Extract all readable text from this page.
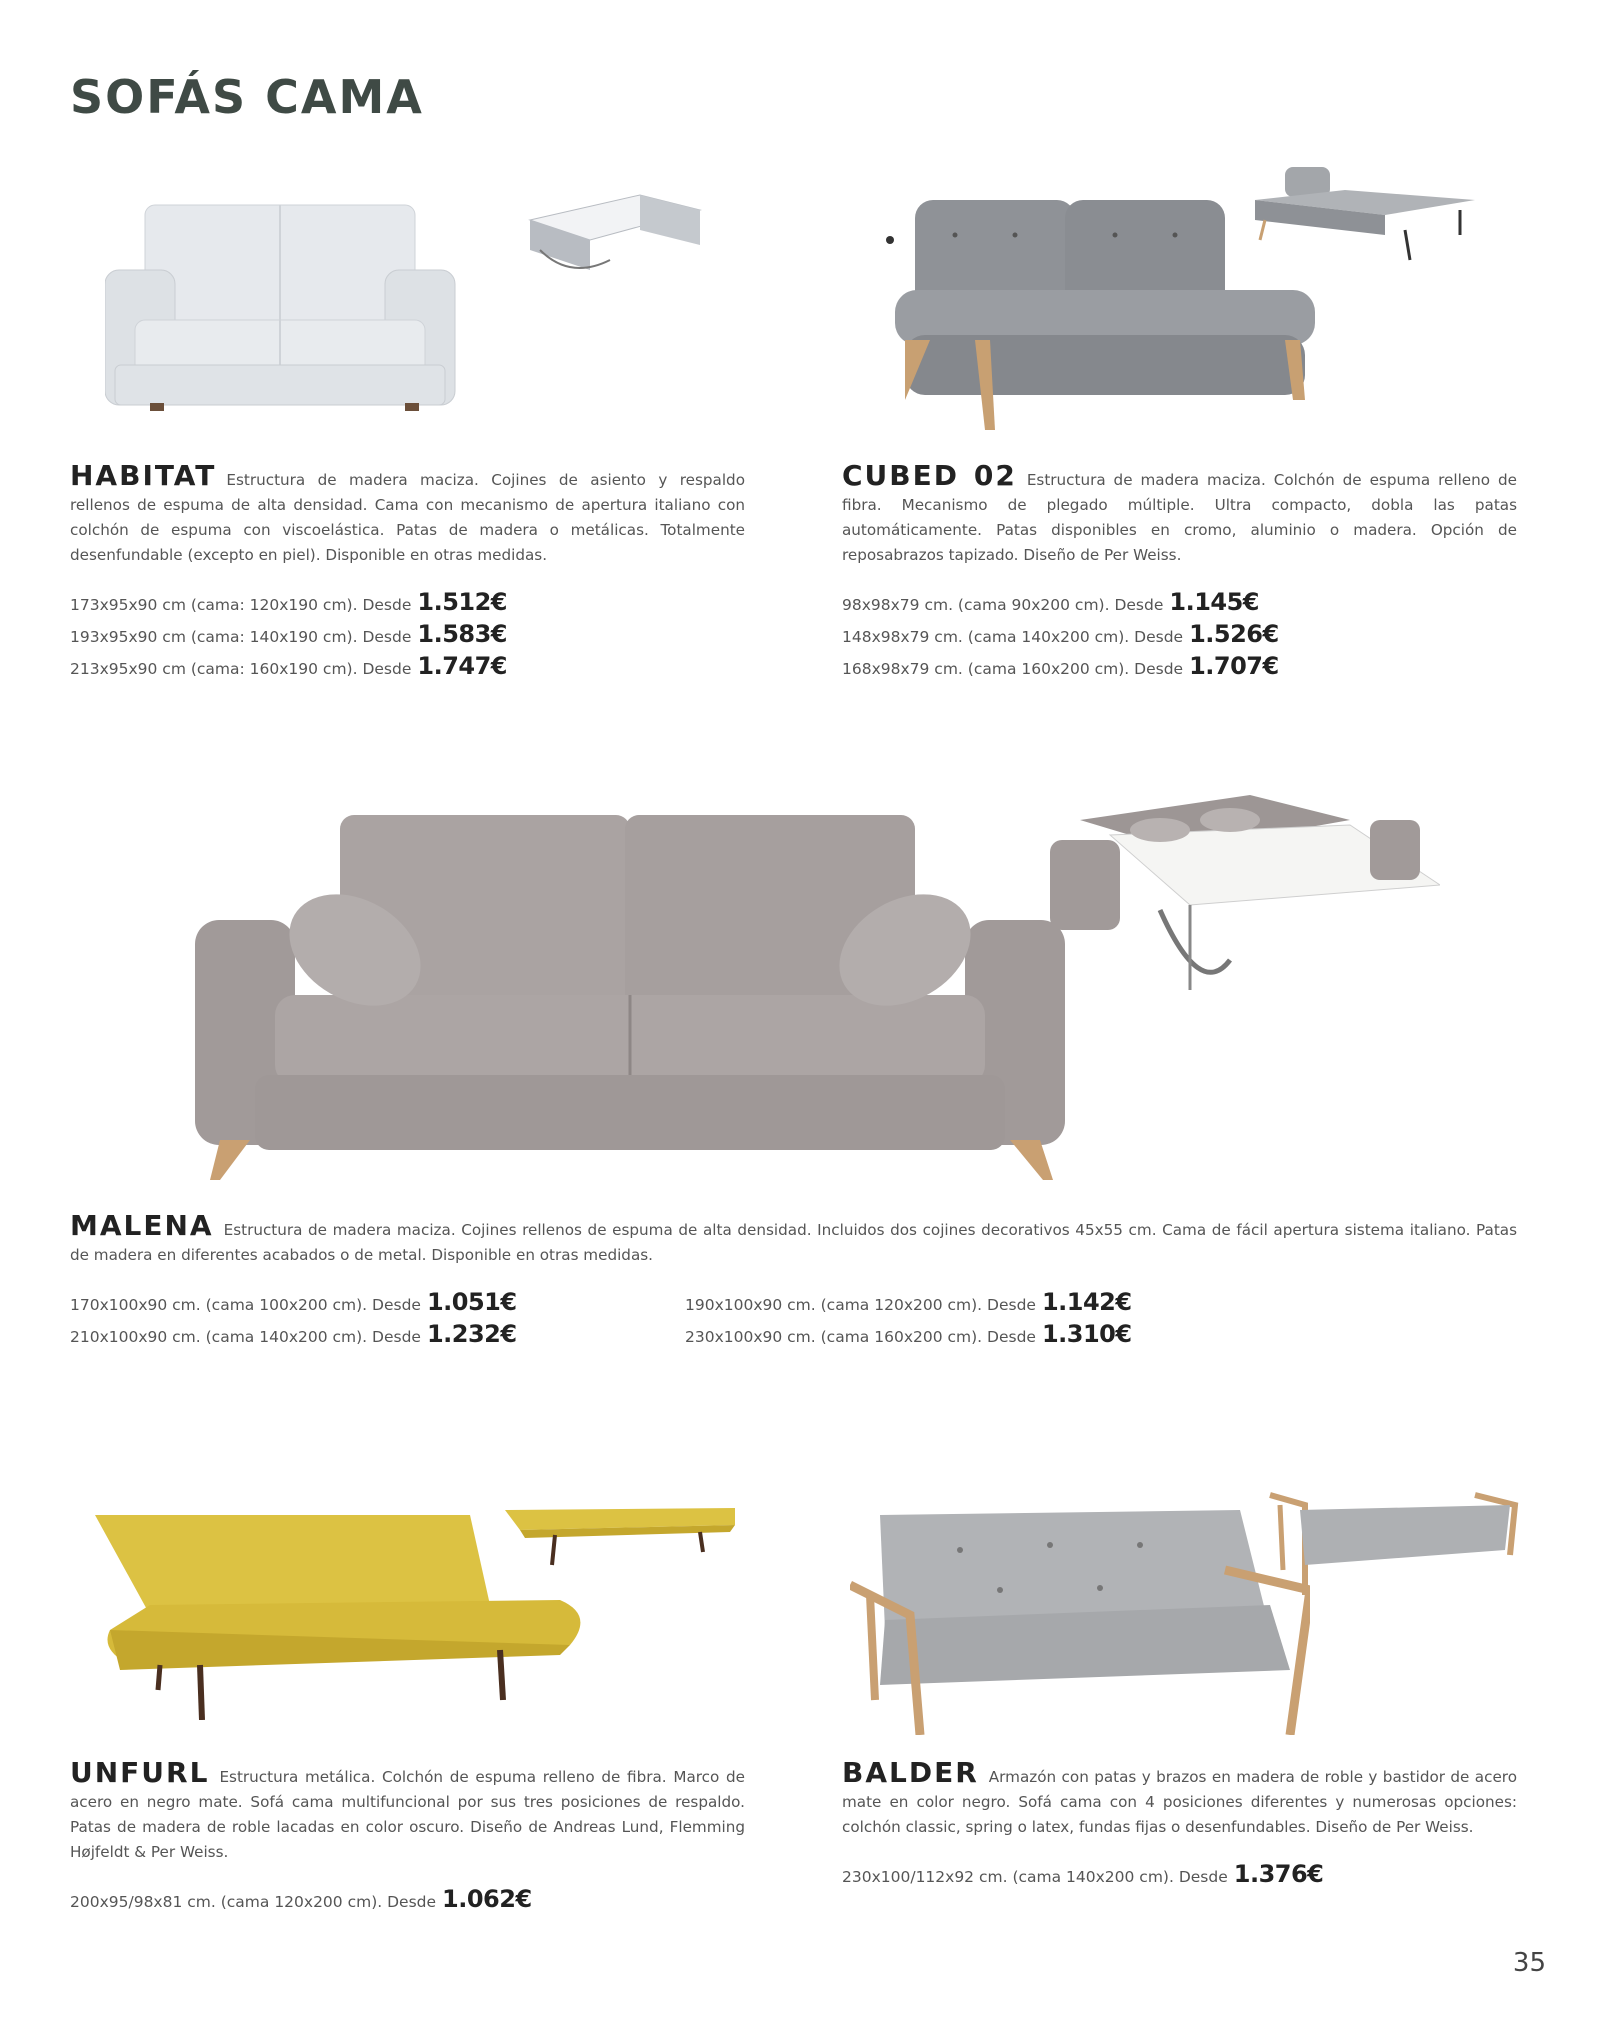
SOFÁS CAMA

HABITAT Estructura de madera maciza. Cojines de asiento y respaldo rellenos de espuma de alta densidad. Cama con mecanismo de apertura italiano con colchón de espuma con viscoelástica. Patas de madera o metálicas. Totalmente desenfundable (excepto en piel). Disponible en otras medidas.

173x95x90 cm (cama: 120x190 cm). Desde 1.512€
193x95x90 cm (cama: 140x190 cm). Desde 1.583€
213x95x90 cm (cama: 160x190 cm). Desde 1.747€

CUBED 02 Estructura de madera maciza. Colchón de espuma relleno de fibra. Mecanismo de plegado múltiple. Ultra compacto, dobla las patas automáticamente. Patas disponibles en cromo, aluminio o madera. Opción de reposabrazos tapizado. Diseño de Per Weiss.

98x98x79 cm. (cama 90x200 cm). Desde 1.145€
148x98x79 cm. (cama 140x200 cm). Desde 1.526€
168x98x79 cm. (cama 160x200 cm). Desde 1.707€

MALENA Estructura de madera maciza. Cojines rellenos de espuma de alta densidad. Incluidos dos cojines decorativos 45x55 cm. Cama de fácil apertura sistema italiano. Patas de madera en diferentes acabados o de metal. Disponible en otras medidas.

170x100x90 cm. (cama 100x200 cm). Desde 1.051€	190x100x90 cm. (cama 120x200 cm). Desde 1.142€
210x100x90 cm. (cama 140x200 cm). Desde 1.232€	230x100x90 cm. (cama 160x200 cm). Desde 1.310€

UNFURL Estructura metálica. Colchón de espuma relleno de fibra. Marco de acero en negro mate. Sofá cama multifuncional por sus tres posiciones de respaldo. Patas de madera de roble lacadas en color oscuro. Diseño de Andreas Lund, Flemming Højfeldt & Per Weiss.

200x95/98x81 cm. (cama 120x200 cm). Desde 1.062€

BALDER Armazón con patas y brazos en madera de roble y bastidor de acero mate en color negro. Sofá cama con 4 posiciones diferentes y numerosas opciones: colchón classic, spring o latex, fundas fijas o desenfundables. Diseño de Per Weiss.

230x100/112x92 cm. (cama 140x200 cm). Desde 1.376€
35
